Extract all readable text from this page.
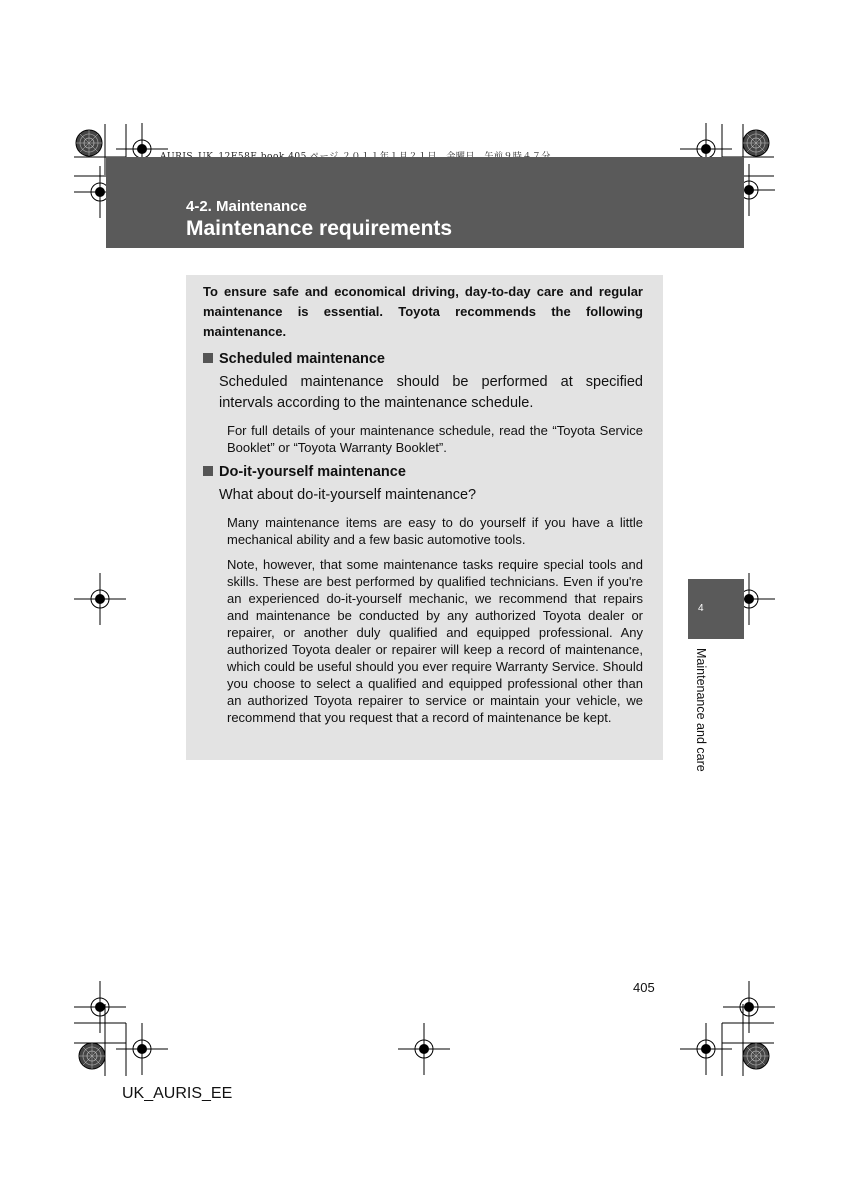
4-2. Maintenance
Maintenance requirements
To ensure safe and economical driving, day-to-day care and regular maintenance is essential. Toyota recommends the following maintenance.
Scheduled maintenance
Scheduled maintenance should be performed at specified intervals according to the maintenance schedule.
For full details of your maintenance schedule, read the “Toyota Service Booklet” or “Toyota Warranty Booklet”.
Do-it-yourself maintenance
What about do-it-yourself maintenance?
Many maintenance items are easy to do yourself if you have a little mechanical ability and a few basic automotive tools.
Note, however, that some maintenance tasks require special tools and skills. These are best performed by qualified technicians. Even if you're an experienced do-it-yourself mechanic, we recommend that repairs and maintenance be conducted by any authorized Toyota dealer or repairer, or another duly qualified and equipped professional. Any authorized Toyota dealer or repairer will keep a record of maintenance, which could be useful should you ever require Warranty Service. Should you choose to select a qualified and equipped professional other than an authorized Toyota repairer to service or maintain your vehicle, we recommend that you request that a record of maintenance be kept.
4
Maintenance and care
405
UK_AURIS_EE
